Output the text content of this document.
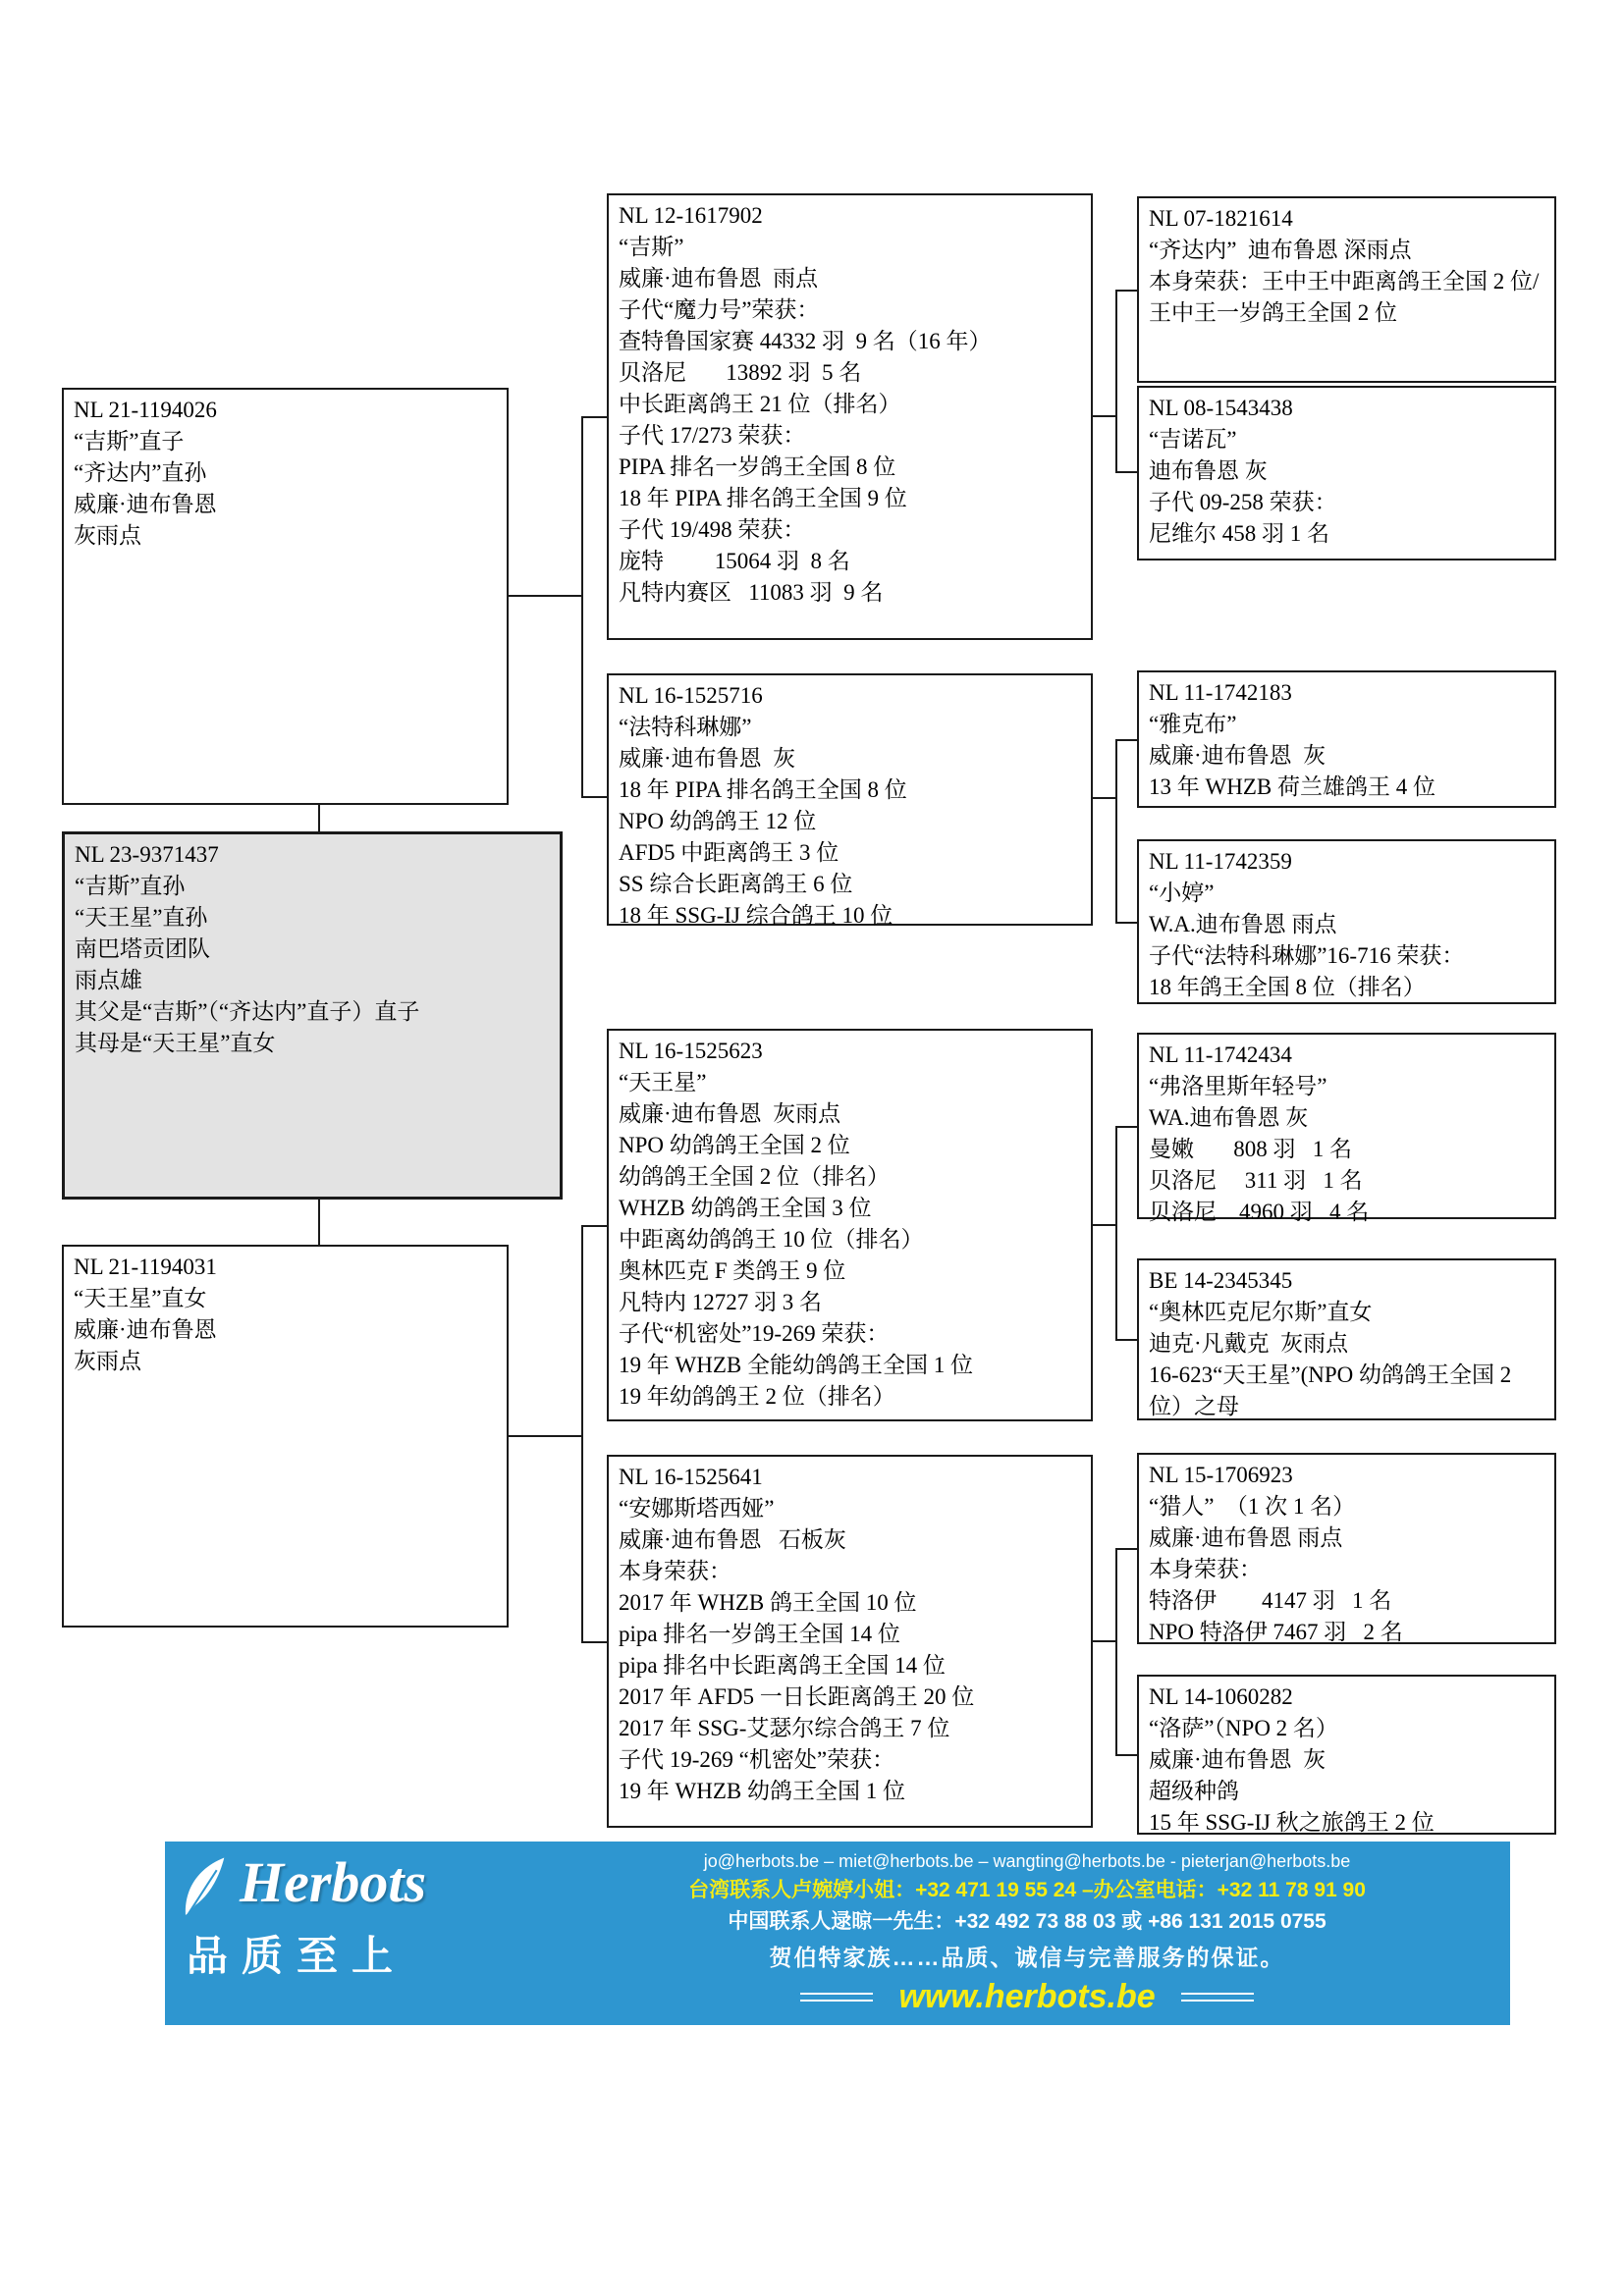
NL 21-1194026
“吉斯”直子
“齐达内”直孙
威廉·迪布鲁恩
灰雨点
NL 23-9371437
“吉斯”直孙
“天王星”直孙
南巴塔贡团队
雨点雄
其父是“吉斯”（“齐达内”直子）直子
其母是“天王星”直女
NL 21-1194031
“天王星”直女
威廉·迪布鲁恩
灰雨点
NL 12-1617902
“吉斯”
威廉·迪布鲁恩  雨点
子代“魔力号”荣获：
查特鲁国家赛 44332 羽  9 名（16 年）
贝洛尼       13892 羽  5 名
中长距离鸽王 21 位（排名）
子代 17/273 荣获：
PIPA 排名一岁鸽王全国 8 位
18 年 PIPA 排名鸽王全国 9 位
子代 19/498 荣获：
庞特         15064 羽  8 名
凡特内赛区   11083 羽  9 名
NL 16-1525716
“法特科琳娜”
威廉·迪布鲁恩  灰
18 年 PIPA 排名鸽王全国 8 位
NPO 幼鸽鸽王 12 位
AFD5 中距离鸽王 3 位
SS 综合长距离鸽王 6 位
18 年 SSG-IJ 综合鸽王 10 位
NL 16-1525623
“天王星”
威廉·迪布鲁恩  灰雨点
NPO 幼鸽鸽王全国 2 位
幼鸽鸽王全国 2 位（排名）
WHZB 幼鸽鸽王全国 3 位
中距离幼鸽鸽王 10 位（排名）
奥林匹克 F 类鸽王 9 位
凡特内 12727 羽 3 名
子代“机密处”19-269 荣获：
19 年 WHZB 全能幼鸽鸽王全国 1 位
19 年幼鸽鸽王 2 位（排名）
NL 16-1525641
“安娜斯塔西娅”
威廉·迪布鲁恩   石板灰
本身荣获：
2017 年 WHZB 鸽王全国 10 位
pipa 排名一岁鸽王全国 14 位
pipa 排名中长距离鸽王全国 14 位
2017 年 AFD5 一日长距离鸽王 20 位
2017 年 SSG-艾瑟尔综合鸽王 7 位
子代 19-269 “机密处”荣获：
19 年 WHZB 幼鸽王全国 1 位
NL 07-1821614
“齐达内”  迪布鲁恩 深雨点
本身荣获：王中王中距离鸽王全国 2 位/王中王一岁鸽王全国 2 位
NL 08-1543438
“吉诺瓦”
迪布鲁恩 灰
子代 09-258 荣获：
尼维尔 458 羽 1 名
NL 11-1742183
“雅克布”
威廉·迪布鲁恩  灰
13 年 WHZB 荷兰雄鸽王 4 位
NL 11-1742359
“小婷”
W.A.迪布鲁恩 雨点
子代“法特科琳娜”16-716 荣获：
18 年鸽王全国 8 位（排名）
NL 11-1742434
“弗洛里斯年轻号”
WA.迪布鲁恩 灰
曼嫩       808 羽   1 名
贝洛尼     311 羽   1 名
贝洛尼    4960 羽   4 名
BE 14-2345345
“奥林匹克尼尔斯”直女
迪克·凡戴克  灰雨点
16-623“天王星”(NPO 幼鸽鸽王全国 2 位）之母
NL 15-1706923
“猎人”  （1 次 1 名）
威廉·迪布鲁恩 雨点
本身荣获：
特洛伊        4147 羽   1 名
NPO 特洛伊 7467 羽   2 名
NL 14-1060282
“洛萨”（NPO 2 名）
威廉·迪布鲁恩  灰
超级种鸽
15 年 SSG-IJ 秋之旅鸽王 2 位
Herbots
品质至上
jo@herbots.be – miet@herbots.be – wangting@herbots.be - pieterjan@herbots.be
台湾联系人卢婉婷小姐：+32 471 19 55 24 –办公室电话：+32 11 78 91 90
中国联系人逯晾一先生：+32 492 73 88 03 或 +86 131 2015 0755
贺伯特家族……品质、诚信与完善服务的保证。
www.herbots.be
